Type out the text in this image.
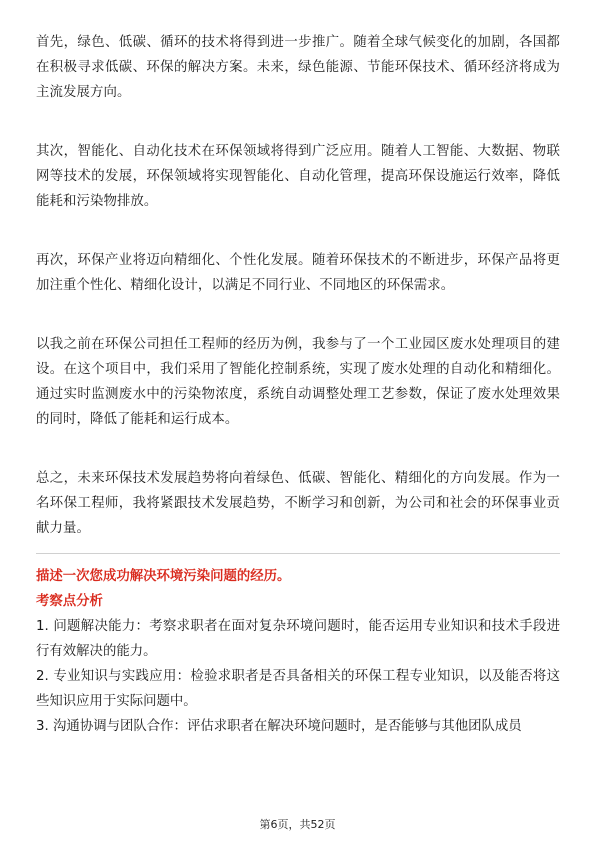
首先，绿色、低碳、循环的技术将得到进一步推广。随着全球气候变化的加剧，各国都在积极寻求低碳、环保的解决方案。未来，绿色能源、节能环保技术、循环经济将成为主流发展方向。

其次，智能化、自动化技术在环保领域将得到广泛应用。随着人工智能、大数据、物联网等技术的发展，环保领域将实现智能化、自动化管理，提高环保设施运行效率，降低能耗和污染物排放。

再次，环保产业将迈向精细化、个性化发展。随着环保技术的不断进步，环保产品将更加注重个性化、精细化设计，以满足不同行业、不同地区的环保需求。

以我之前在环保公司担任工程师的经历为例，我参与了一个工业园区废水处理项目的建设。在这个项目中，我们采用了智能化控制系统，实现了废水处理的自动化和精细化。通过实时监测废水中的污染物浓度，系统自动调整处理工艺参数，保证了废水处理效果的同时，降低了能耗和运行成本。

总之，未来环保技术发展趋势将向着绿色、低碳、智能化、精细化的方向发展。作为一名环保工程师，我将紧跟技术发展趋势，不断学习和创新，为公司和社会的环保事业贡献力量。

描述一次您成功解决环境污染问题的经历。

考察点分析

1. 问题解决能力：考察求职者在面对复杂环境问题时，能否运用专业知识和技术手段进行有效解决的能力。
2. 专业知识与实践应用：检验求职者是否具备相关的环保工程专业知识，以及能否将这些知识应用于实际问题中。
3. 沟通协调与团队合作：评估求职者在解决环境问题时，是否能够与其他团队成员
第6页，共52页
